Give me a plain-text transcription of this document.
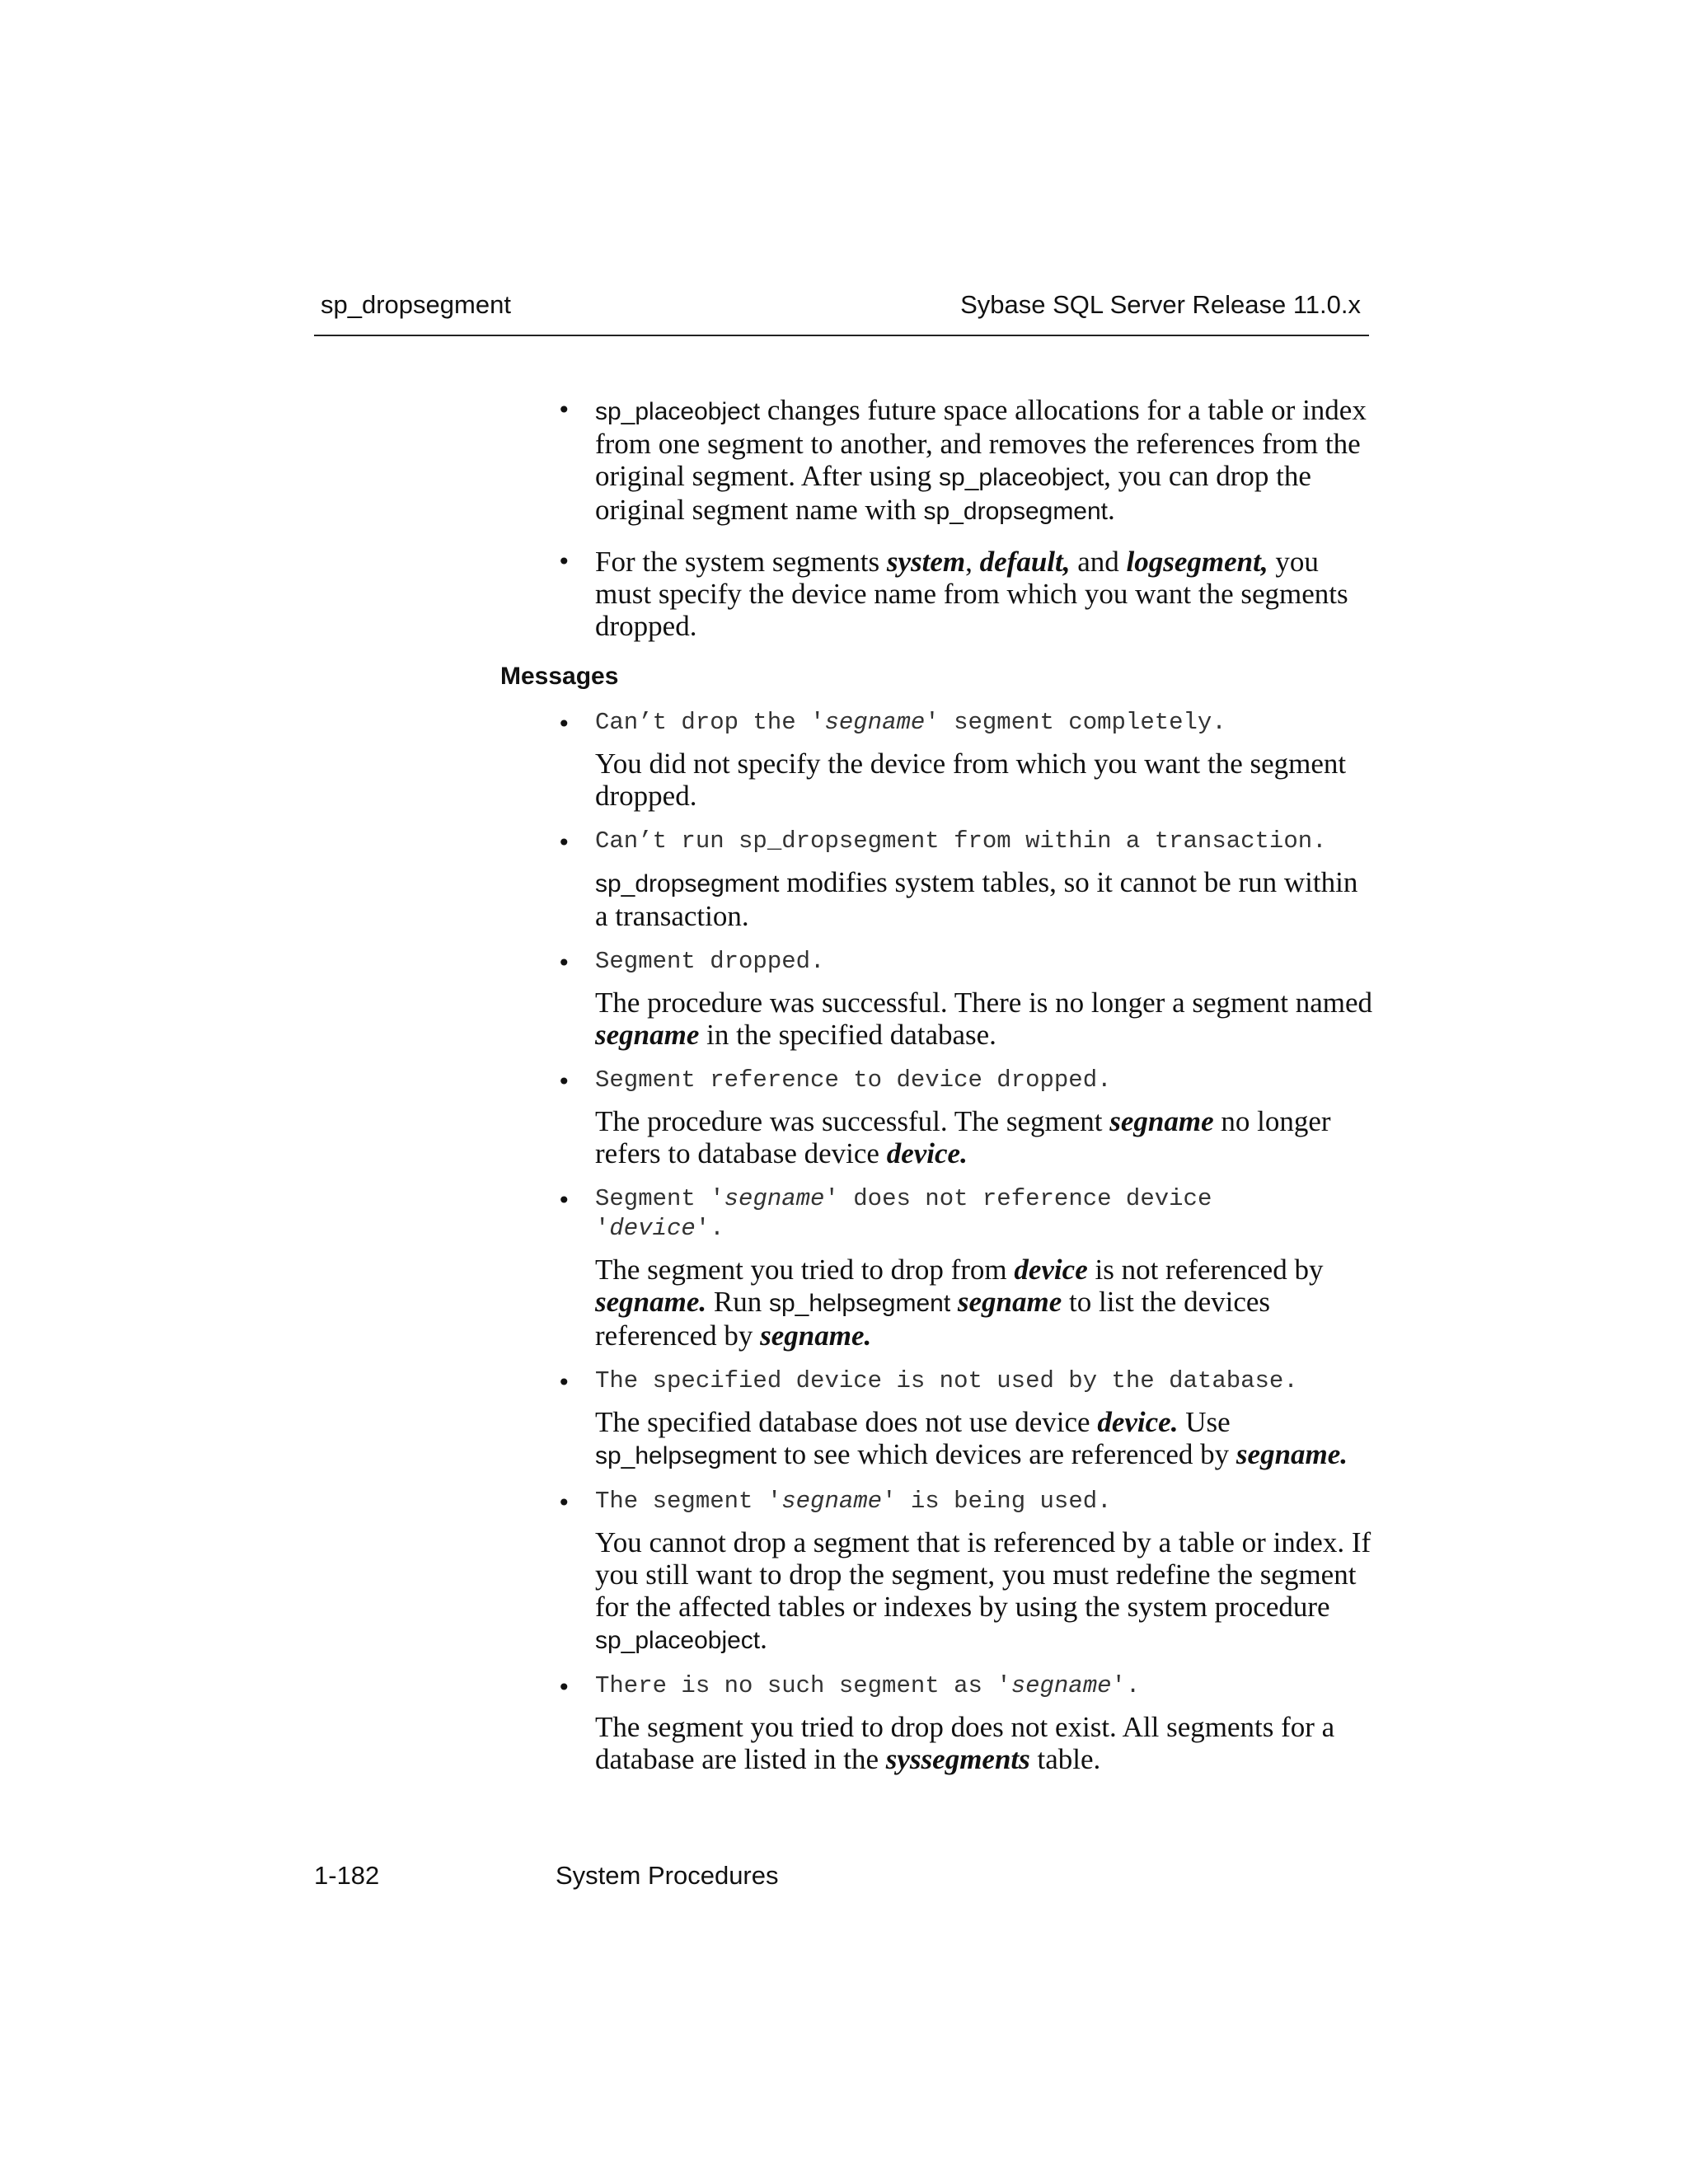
sp_dropsegment	Sybase SQL Server Release 11.0.x
• sp_placeobject changes future space allocations for a table or index from one segment to another, and removes the references from the original segment. After using sp_placeobject, you can drop the original segment name with sp_dropsegment.
• For the system segments system, default, and logsegment, you must specify the device name from which you want the segments dropped.
Messages
• Can’t drop the 'segname' segment completely.
You did not specify the device from which you want the segment dropped.
• Can’t run sp_dropsegment from within a transaction.
sp_dropsegment modifies system tables, so it cannot be run within a transaction.
• Segment dropped.
The procedure was successful. There is no longer a segment named segname in the specified database.
• Segment reference to device dropped.
The procedure was successful. The segment segname no longer refers to database device device.
• Segment 'segname' does not reference device 'device'.
The segment you tried to drop from device is not referenced by segname. Run sp_helpsegment segname to list the devices referenced by segname.
• The specified device is not used by the database.
The specified database does not use device device. Use
sp_helpsegment to see which devices are referenced by segname.
• The segment 'segname' is being used.
You cannot drop a segment that is referenced by a table or index. If you still want to drop the segment, you must redefine the segment for the affected tables or indexes by using the system procedure sp_placeobject.
• There is no such segment as 'segname'.
The segment you tried to drop does not exist. All segments for a database are listed in the syssegments table.
1-182	System Procedures
